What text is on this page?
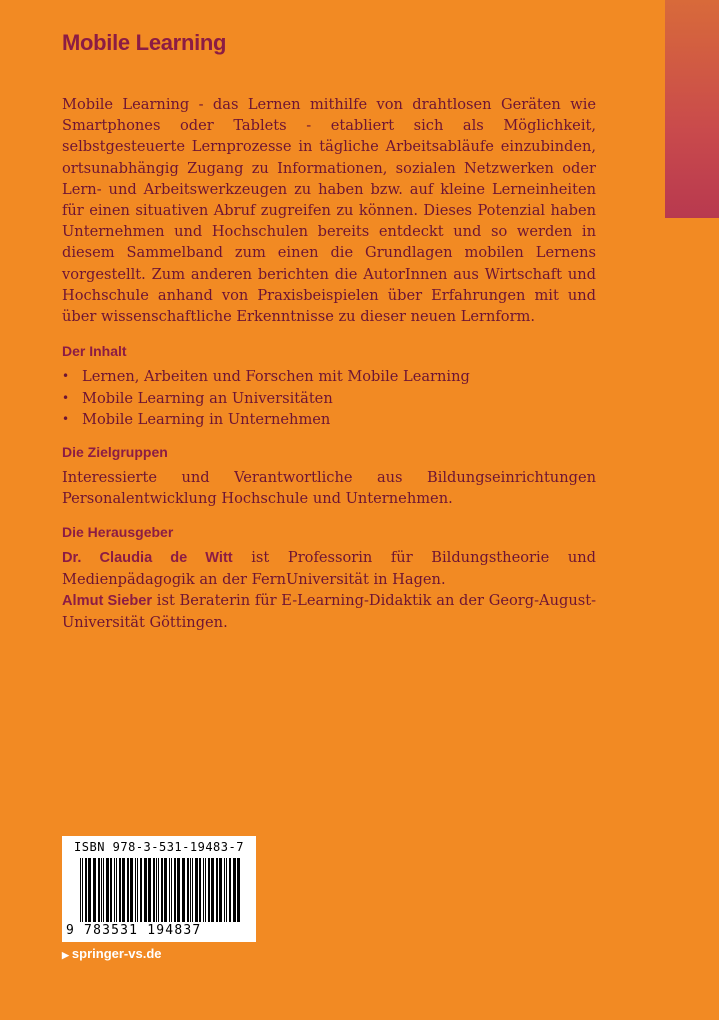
Mobile Learning

Mobile Learning - das Lernen mithilfe von drahtlosen Geräten wie Smartphones oder Tablets - etabliert sich als Möglichkeit, selbstgesteuerte Lernprozesse in tägliche Arbeitsabläufe einzubinden, ortsunabhängig Zugang zu Informationen, sozialen Netzwerken oder Lern- und Arbeitswerkzeugen zu haben bzw. auf kleine Lerneinheiten für einen situativen Abruf zugreifen zu können. Dieses Potenzial haben Unternehmen und Hochschulen bereits entdeckt und so werden in diesem Sammelband zum einen die Grundlagen mobilen Lernens vorgestellt. Zum anderen berichten die AutorInnen aus Wirtschaft und Hochschule anhand von Praxisbeispielen über Erfahrungen mit und über wissenschaftliche Erkenntnisse zu dieser neuen Lernform.

Der Inhalt
• Lernen, Arbeiten und Forschen mit Mobile Learning
• Mobile Learning an Universitäten
• Mobile Learning in Unternehmen
Die Zielgruppen

Interessierte und Verantwortliche aus Bildungseinrichtungen Personalentwicklung Hochschule und Unternehmen.

Die Herausgeber

Dr. Claudia de Witt ist Professorin für Bildungstheorie und Medienpädagogik an der FernUniversität in Hagen.

Almut Sieber ist Beraterin für E-Learning-Didaktik an der Georg-August-Universität Göttingen.

ISBN 978-3-531-19483-7
9 783531 194837
▶ springer-vs.de
